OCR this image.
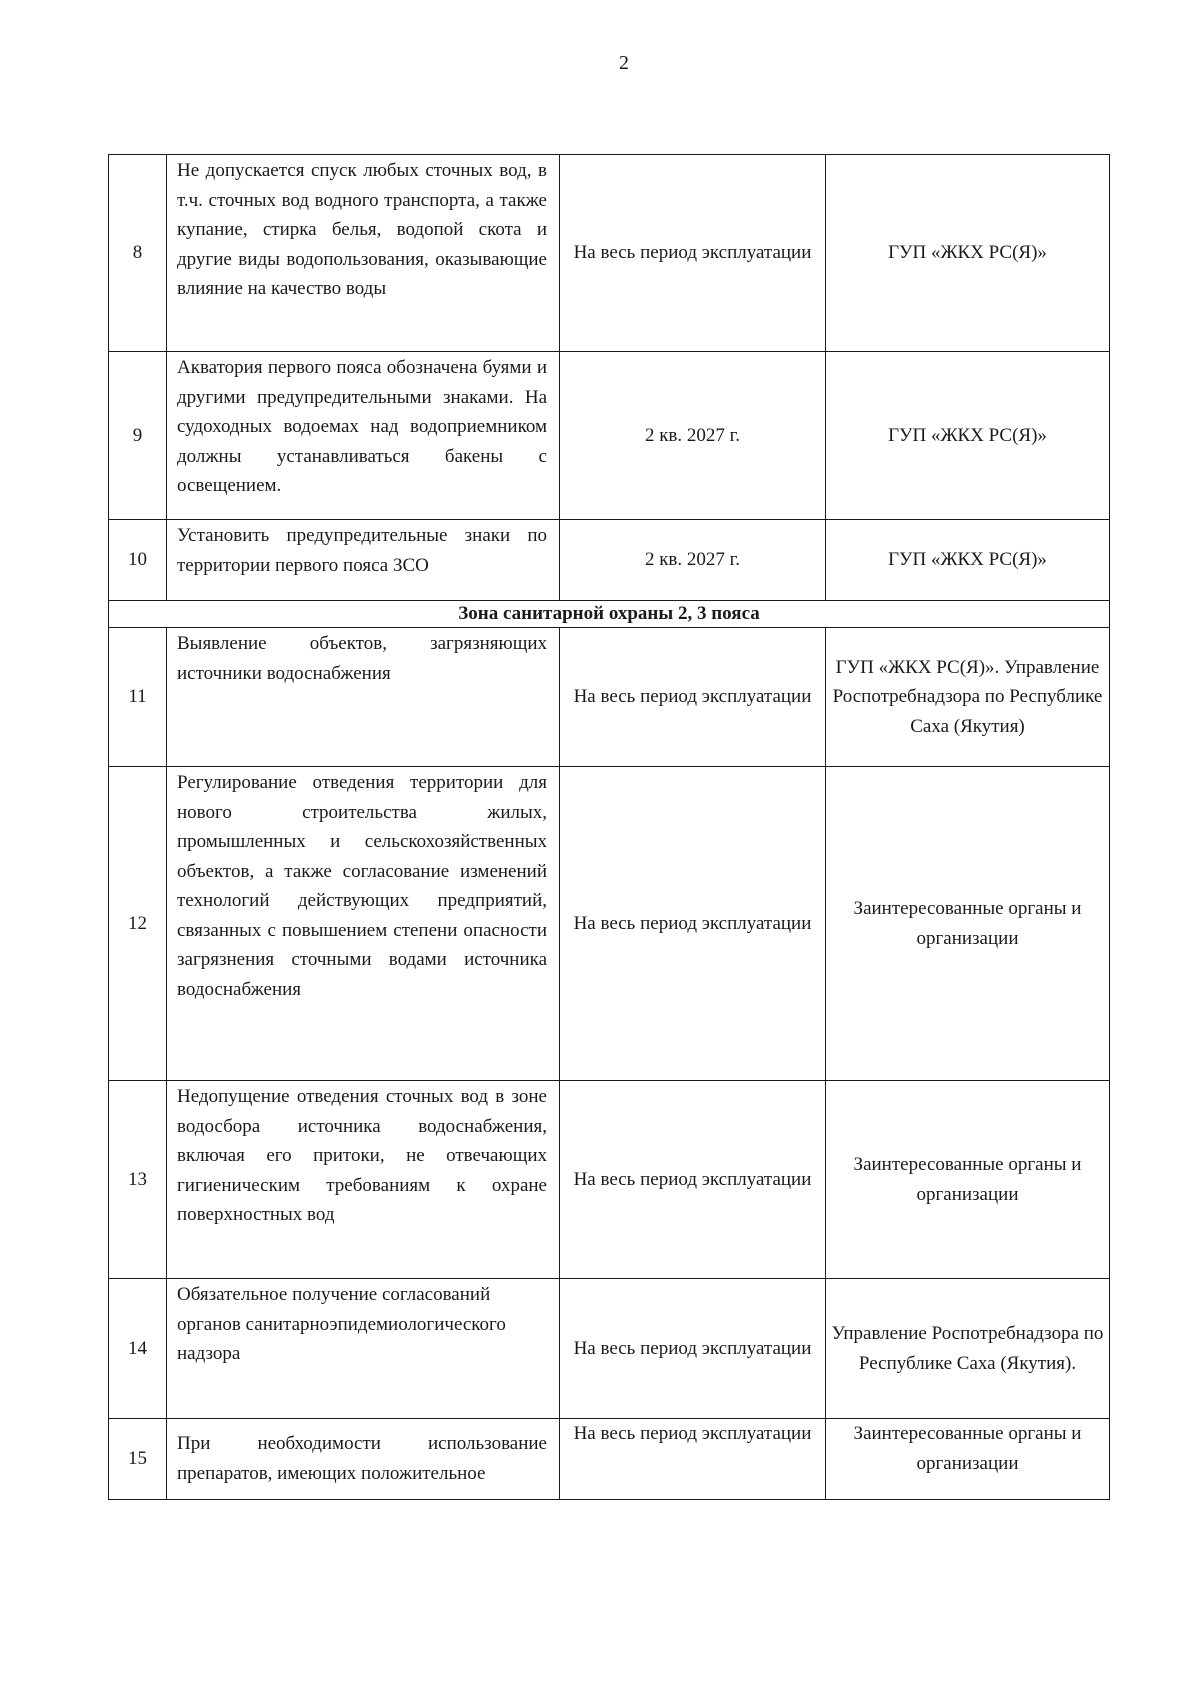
2
8	Не допускается спуск любых сточных вод, в т.ч. сточных вод водного транспорта, а также купание, стирка белья, водопой скота и другие виды водопользования, оказывающие влияние на качество воды	На весь период эксплуатации	ГУП «ЖКХ РС(Я)»
9	Акватория первого пояса обозначена буями и другими предупредительными знаками. На судоходных водоемах над водоприемником должны устанавливаться бакены с освещением.	2 кв. 2027 г.	ГУП «ЖКХ РС(Я)»
10	Установить предупредительные знаки по территории первого пояса ЗСО	2 кв. 2027 г.	ГУП «ЖКХ РС(Я)»
Зона санитарной охраны 2, 3 пояса			
11	Выявление объектов, загрязняющих источники водоснабжения	На весь период эксплуатации	ГУП «ЖКХ РС(Я)». Управление Роспотребнадзора по Республике Саха (Якутия)
12	Регулирование отведения территории для нового строительства жилых, промышленных и сельскохозяйственных объектов, а также согласование изменений технологий действующих предприятий, связанных с повышением степени опасности загрязнения сточными водами источника водоснабжения	На весь период эксплуатации	Заинтересованные органы и организации
13	Недопущение отведения сточных вод в зоне водосбора источника водоснабжения, включая его притоки, не отвечающих гигиеническим требованиям к охране поверхностных вод	На весь период эксплуатации	Заинтересованные органы и организации
14	Обязательное получение согласований органов санитарноэпидемиологического надзора	На весь период эксплуатации	Управление Роспотребнадзора по Республике Саха (Якутия).
15	При необходимости использование препаратов, имеющих положительное	На весь период эксплуатации	Заинтересованные органы и организации
